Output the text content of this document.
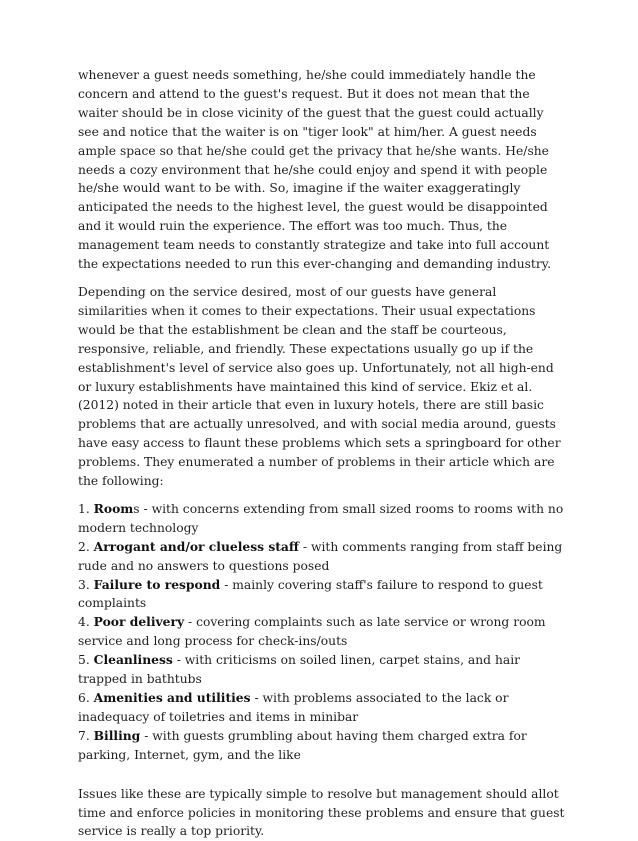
whenever a guest needs something, he/she could immediately handle the concern and attend to the guest's request. But it does not mean that the waiter should be in close vicinity of the guest that the guest could actually see and notice that the waiter is on "tiger look" at him/her. A guest needs ample space so that he/she could get the privacy that he/she wants. He/she needs a cozy environment that he/she could enjoy and spend it with people he/she would want to be with. So, imagine if the waiter exaggeratingly anticipated the needs to the highest level, the guest would be disappointed and it would ruin the experience. The effort was too much. Thus, the management team needs to constantly strategize and take into full account the expectations needed to run this ever-changing and demanding industry.

Depending on the service desired, most of our guests have general similarities when it comes to their expectations. Their usual expectations would be that the establishment be clean and the staff be courteous, responsive, reliable, and friendly. These expectations usually go up if the establishment's level of service also goes up. Unfortunately, not all high-end or luxury establishments have maintained this kind of service. Ekiz et al. (2012) noted in their article that even in luxury hotels, there are still basic problems that are actually unresolved, and with social media around, guests have easy access to flaunt these problems which sets a springboard for other problems. They enumerated a number of problems in their article which are the following:

1. Rooms - with concerns extending from small sized rooms to rooms with no modern technology
2. Arrogant and/or clueless staff - with comments ranging from staff being rude and no answers to questions posed
3. Failure to respond - mainly covering staff's failure to respond to guest complaints
4. Poor delivery - covering complaints such as late service or wrong room service and long process for check-ins/outs
5. Cleanliness - with criticisms on soiled linen, carpet stains, and hair trapped in bathtubs
6. Amenities and utilities - with problems associated to the lack or inadequacy of toiletries and items in minibar
7. Billing - with guests grumbling about having them charged extra for parking, Internet, gym, and the like

Issues like these are typically simple to resolve but management should allot time and enforce policies in monitoring these problems and ensure that guest service is really a top priority.
